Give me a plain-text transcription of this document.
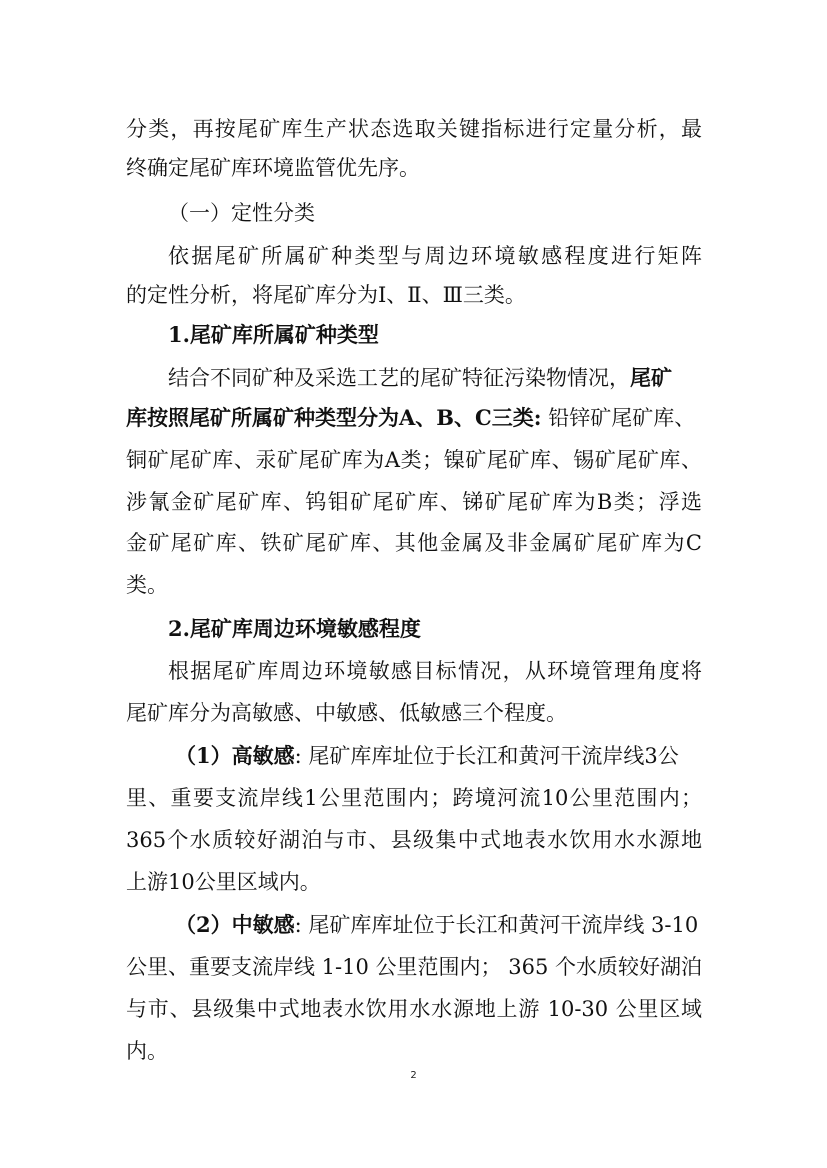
分类，再按尾矿库生产状态选取关键指标进行定量分析，最
终确定尾矿库环境监管优先序。
（一）定性分类
依据尾矿所属矿种类型与周边环境敏感程度进行矩阵
的定性分析，将尾矿库分为Ⅰ、Ⅱ、Ⅲ三类。
1.尾矿库所属矿种类型
结合不同矿种及采选工艺的尾矿特征污染物情况，尾矿
库按照尾矿所属矿种类型分为A、B、C三类: 铅锌矿尾矿库、
铜矿尾矿库、汞矿尾矿库为A类；镍矿尾矿库、锡矿尾矿库、
涉氰金矿尾矿库、钨钼矿尾矿库、锑矿尾矿库为B类；浮选
金矿尾矿库、铁矿尾矿库、其他金属及非金属矿尾矿库为C
类。
2.尾矿库周边环境敏感程度
根据尾矿库周边环境敏感目标情况，从环境管理角度将
尾矿库分为高敏感、中敏感、低敏感三个程度。
（1）高敏感: 尾矿库库址位于长江和黄河干流岸线3公
里、重要支流岸线1公里范围内；跨境河流10公里范围内；
365个水质较好湖泊与市、县级集中式地表水饮用水水源地
上游10公里区域内。
（2）中敏感: 尾矿库库址位于长江和黄河干流岸线 3-10
公里、重要支流岸线 1-10 公里范围内； 365 个水质较好湖泊
与市、县级集中式地表水饮用水水源地上游 10-30 公里区域
内。
2
